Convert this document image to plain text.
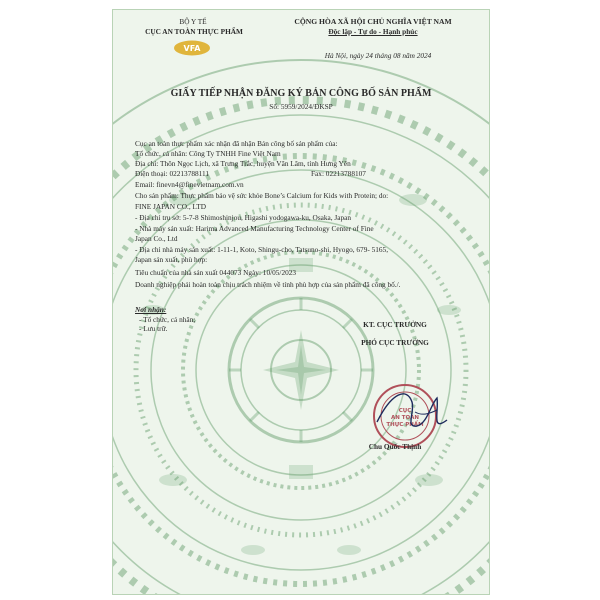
BỘ Y TẾ
CỤC AN TOÀN THỰC PHẨM
VFA
CỘNG HÒA XÃ HỘI CHỦ NGHĨA VIỆT NAM
Độc lập - Tự do - Hạnh phúc
Hà Nội, ngày 24 tháng 08 năm 2024
GIẤY TIẾP NHẬN ĐĂNG KÝ BẢN CÔNG BỐ SẢN PHẨM
Số: 5959/2024/ĐKSP
Cục an toàn thực phẩm xác nhận đã nhận Bản công bố sản phẩm của:
Tổ chức, cá nhân: Công Ty TNHH Fine Việt Nam
Địa chỉ: Thôn Ngọc Lịch, xã Trưng Trắc, huyện Văn Lâm, tỉnh Hưng Yên
Điện thoại: 02213788111	Fax: 02213788107
Email: finevn4@finevietnam.com.vn
Cho sản phẩm: Thực phẩm bảo vệ sức khỏe Bone’s Calcium for Kids with Protein; do:
FINE JAPAN CO., LTD
- Địa chỉ trụ sở: 5-7-8 Shimoshinjou, Higashi yodogawa-ku, Osaka, Japan
- Nhà máy sản xuất: Harima Advanced Manufacturing Technology Center of Fine
Japan Co., Ltd
- Địa chỉ nhà máy sản xuất: 1-11-1, Koto, Shingu-cho, Tatsuno-shi, Hyogo, 679- 5165,
Japan sản xuất, phù hợp:
Tiêu chuẩn của nhà sản xuất 044073 Ngày: 10/05/2023
Doanh nghiệp phải hoàn toàn chịu trách nhiệm về tính phù hợp của sản phẩm đã công bố./.
Nơi nhận:
- Tổ chức, cá nhân;
- Lưu trữ.	KT. CỤC TRƯỞNG
PHÓ CỤC TRƯỞNG
CỤC
AN TOÀN
THỰC PHẨM
Chu Quốc Thịnh
